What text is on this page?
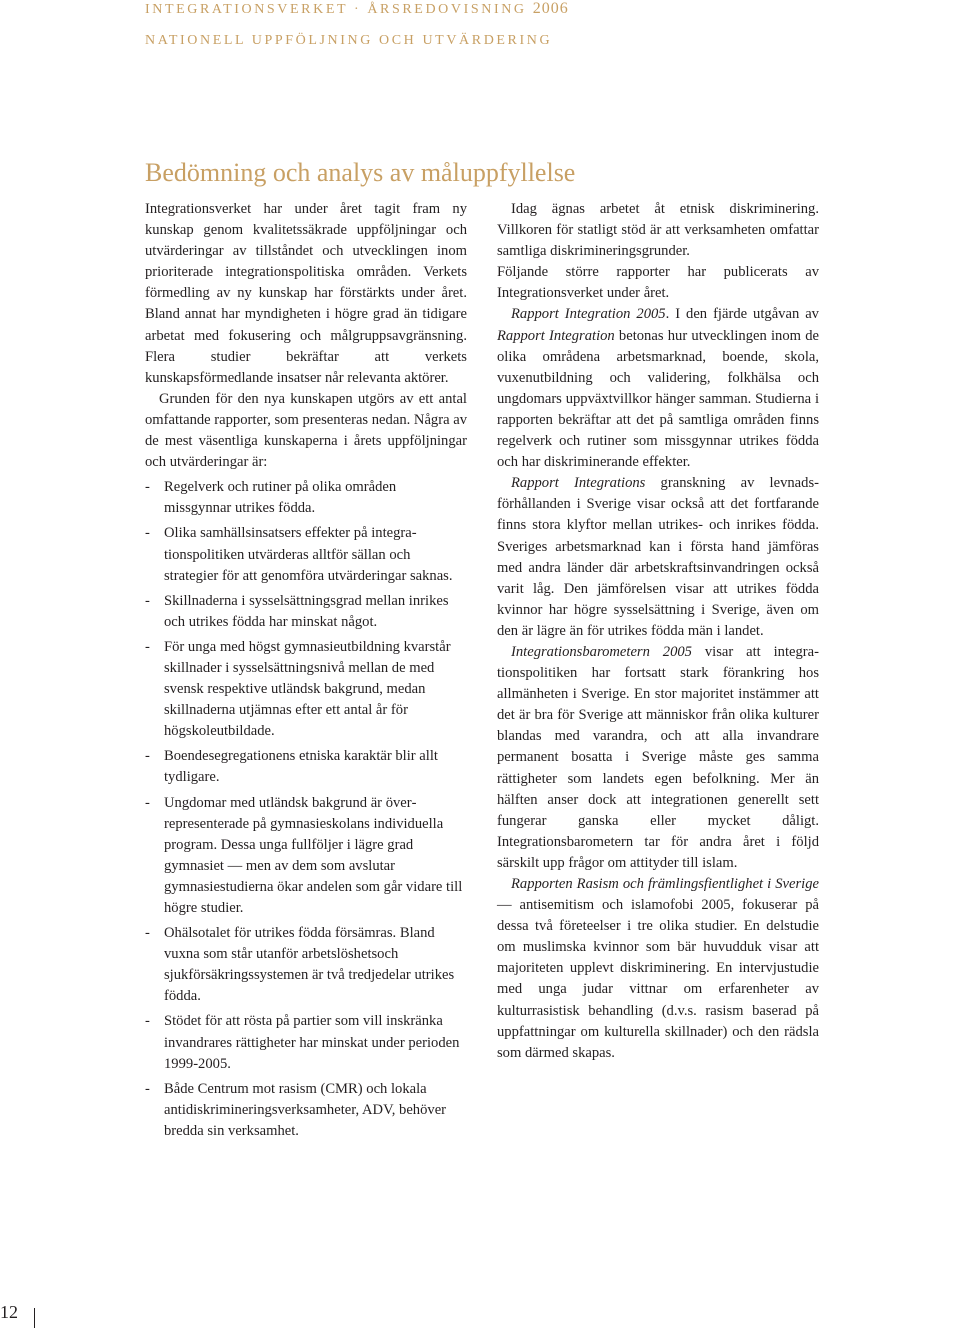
INTEGRATIONSVERKET · ÅRSREDOVISNING 2006
NATIONELL UPPFÖLJNING OCH UTVÄRDERING
Bedömning och analys av måluppfyllelse

Integrationsverket har under året tagit fram ny kunskap genom kvalitetssäkrade uppföljningar och utvärderingar av tillståndet och utvecklingen inom prioriterade integrationspolitiska områden. Verkets förmedling av ny kunskap har förstärkts under året. Bland annat har myndigheten i högre grad än tidigare arbetat med fokusering och målgruppsavgränsning. Flera studier bekräftar att verkets kunskapsförmedlande insatser når relevanta aktörer.

Grunden för den nya kunskapen utgörs av ett antal omfattande rapporter, som presenteras nedan. Några av de mest väsentliga kunskaperna i årets uppföljningar och utvärderingar är:

- Regelverk och rutiner på olika områden missgynnar utrikes födda.
- Olika samhällsinsatsers effekter på integrationspolitiken utvärderas alltför sällan och strategier för att genomföra utvärderingar saknas.
- Skillnaderna i sysselsättningsgrad mellan inrikes och utrikes födda har minskat något.
- För unga med högst gymnasieutbildning kvarstår skillnader i sysselsättningsnivå mellan de med svensk respektive utländsk bakgrund, medan skillnaderna utjämnas efter ett antal år för högskoleutbildade.
- Boendesegregationens etniska karaktär blir allt tydligare.
- Ungdomar med utländsk bakgrund är överrepresenterade på gymnasieskolans individuella program. Dessa unga fullföljer i lägre grad gymnasiet — men av dem som avslutar gymnasiestudierna ökar andelen som går vidare till högre studier.
- Ohälsotalet för utrikes födda försämras. Bland vuxna som står utanför arbetslöshetsoch sjukförsäkringssystemen är två tredjedelar utrikes födda.
- Stödet för att rösta på partier som vill inskränka invandrares rättigheter har minskat under perioden 1999-2005.
- Både Centrum mot rasism (CMR) och lokala antidiskrimineringsverksamheter, ADV, behöver bredda sin verksamhet.

Idag ägnas arbetet åt etnisk diskriminering. Villkoren för statligt stöd är att verksamheten omfattar samtliga diskrimineringsgrunder.

Följande större rapporter har publicerats av Integrationsverket under året.

Rapport Integration 2005. I den fjärde utgåvan av Rapport Integration betonas hur utvecklingen inom de olika områdena arbetsmarknad, boende, skola, vuxenutbildning och validering, folkhälsa och ungdomars uppväxtvillkor hänger samman. Studierna i rapporten bekräftar att det på samtliga områden finns regelverk och rutiner som missgynnar utrikes födda och har diskriminerande effekter.

Rapport Integrations granskning av levnadsförhållanden i Sverige visar också att det fortfarande finns stora klyftor mellan utrikes- och inrikes födda. Sveriges arbetsmarknad kan i första hand jämföras med andra länder där arbetskraftsinvandringen också varit låg. Den jämförelsen visar att utrikes födda kvinnor har högre sysselsättning i Sverige, även om den är lägre än för utrikes födda män i landet.

Integrationsbarometern 2005 visar att integrationspolitiken har fortsatt stark förankring hos allmänheten i Sverige. En stor majoritet instämmer att det är bra för Sverige att människor från olika kulturer blandas med varandra, och att alla invandrare permanent bosatta i Sverige måste ges samma rättigheter som landets egen befolkning. Mer än hälften anser dock att integrationen generellt sett fungerar ganska eller mycket dåligt. Integrationsbarometern tar för andra året i följd särskilt upp frågor om attityder till islam.

Rapporten Rasism och främlingsfientlighet i Sverige — antisemitism och islamofobi 2005, fokuserar på dessa två företeelser i tre olika studier. En delstudie om muslimska kvinnor som bär huvudduk visar att majoriteten upplevt diskriminering. En intervjustudie med unga judar vittnar om erfarenheter av kulturrasistisk behandling (d.v.s. rasism baserad på uppfattningar om kulturella skillnader) och den rädsla som därmed skapas.

12
